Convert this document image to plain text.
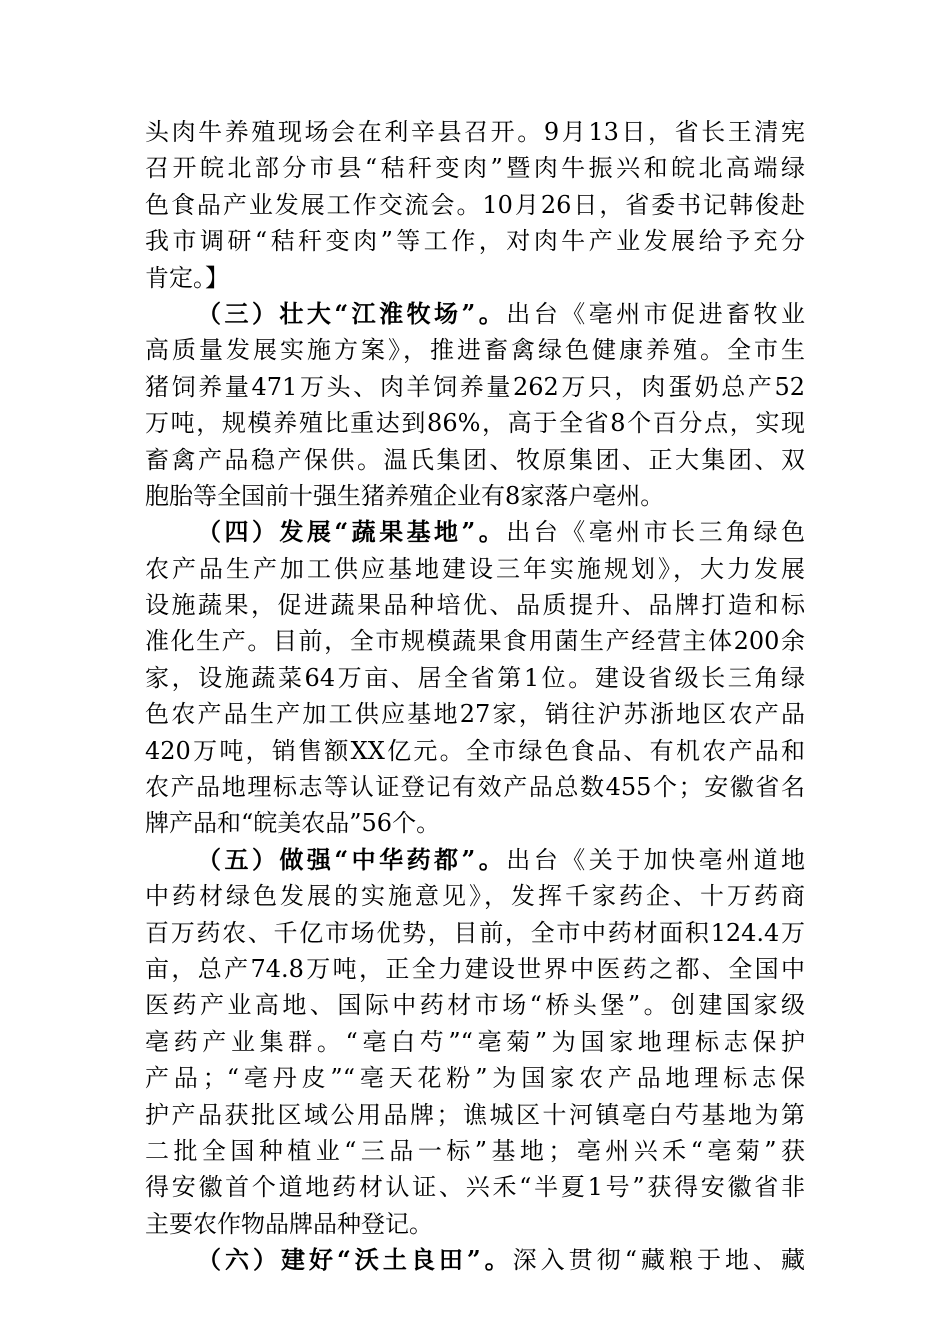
头肉牛养殖现场会在利辛县召开。9月13日，省长王清宪
召开皖北部分市县“秸秆变肉”暨肉牛振兴和皖北高端绿
色食品产业发展工作交流会。10月26日，省委书记韩俊赴
我市调研“秸秆变肉”等工作，对肉牛产业发展给予充分
肯定。】
（三）壮大“江淮牧场”。出台《亳州市促进畜牧业
高质量发展实施方案》，推进畜禽绿色健康养殖。全市生
猪饲养量471万头、肉羊饲养量262万只，肉蛋奶总产52
万吨，规模养殖比重达到86%，高于全省8个百分点，实现
畜禽产品稳产保供。温氏集团、牧原集团、正大集团、双
胞胎等全国前十强生猪养殖企业有8家落户亳州。
（四）发展“蔬果基地”。出台《亳州市长三角绿色
农产品生产加工供应基地建设三年实施规划》，大力发展
设施蔬果，促进蔬果品种培优、品质提升、品牌打造和标
准化生产。目前，全市规模蔬果食用菌生产经营主体200余
家，设施蔬菜64万亩、居全省第1位。建设省级长三角绿
色农产品生产加工供应基地27家，销往沪苏浙地区农产品
420万吨，销售额XX亿元。全市绿色食品、有机农产品和
农产品地理标志等认证登记有效产品总数455个；安徽省名
牌产品和“皖美农品”56个。
（五）做强“中华药都”。出台《关于加快亳州道地
中药材绿色发展的实施意见》，发挥千家药企、十万药商
百万药农、千亿市场优势，目前，全市中药材面积124.4万
亩，总产74.8万吨，正全力建设世界中医药之都、全国中
医药产业高地、国际中药材市场“桥头堡”。创建国家级
亳药产业集群。“亳白芍”“亳菊”为国家地理标志保护
产品；“亳丹皮”“亳天花粉”为国家农产品地理标志保
护产品获批区域公用品牌；谯城区十河镇亳白芍基地为第
二批全国种植业“三品一标”基地；亳州兴禾“亳菊”获
得安徽首个道地药材认证、兴禾“半夏1号”获得安徽省非
主要农作物品牌品种登记。
（六）建好“沃土良田”。深入贯彻“藏粮于地、藏
